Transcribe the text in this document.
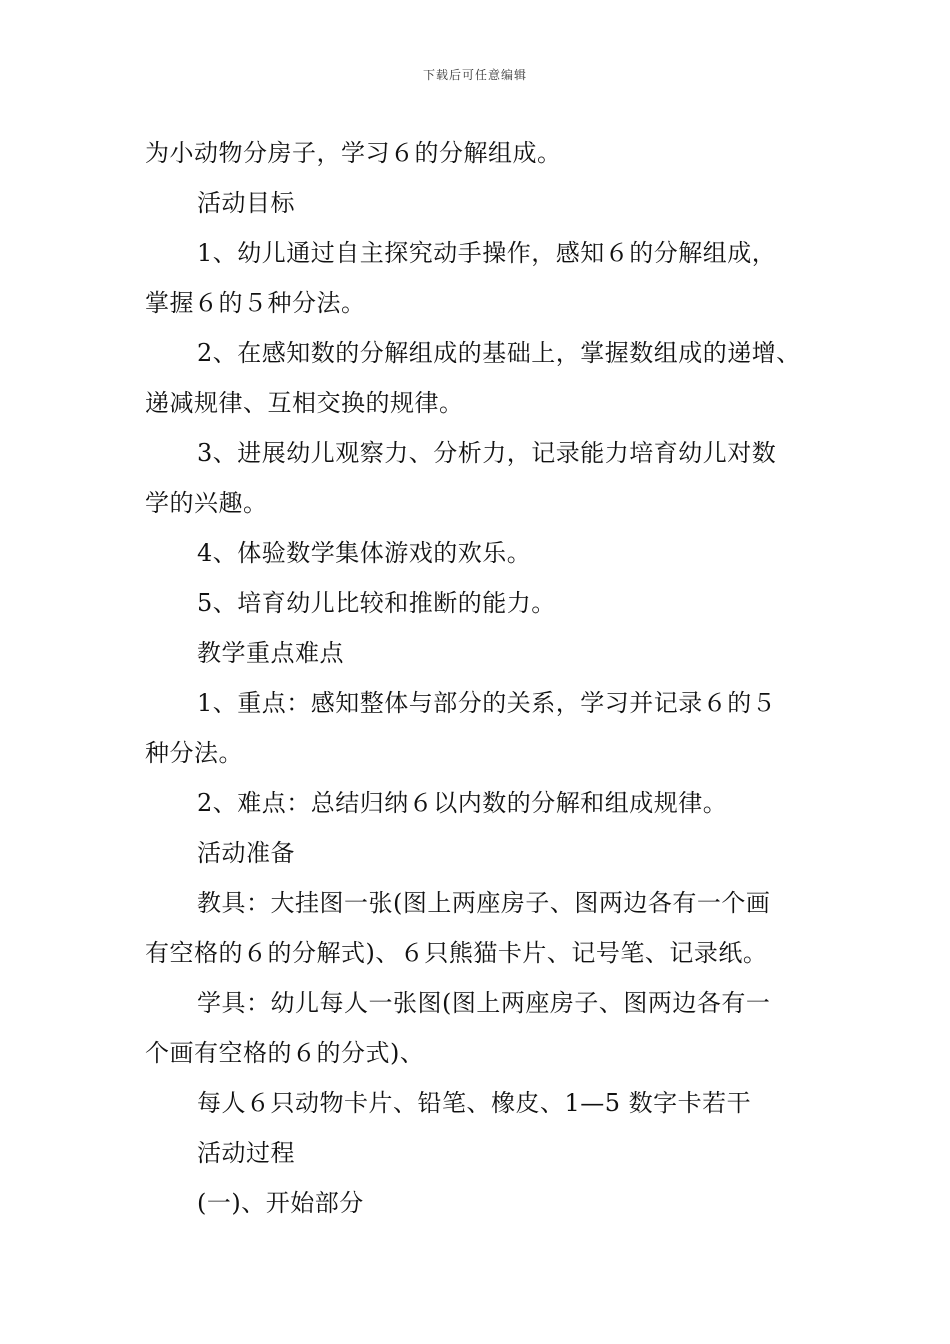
下载后可任意编辑
为小动物分房子，学习６的分解组成。
活动目标
1、幼儿通过自主探究动手操作，感知６的分解组成，
掌握６的５种分法。
2、在感知数的分解组成的基础上，掌握数组成的递增、
递减规律、互相交换的规律。
3、进展幼儿观察力、分析力，记录能力培育幼儿对数
学的兴趣。
4、体验数学集体游戏的欢乐。
5、培育幼儿比较和推断的能力。
教学重点难点
1、重点：感知整体与部分的关系，学习并记录６的５
种分法。
2、难点：总结归纳６以内数的分解和组成规律。
活动准备
教具：大挂图一张(图上两座房子、图两边各有一个画
有空格的６的分解式)、６只熊猫卡片、记号笔、记录纸。
学具：幼儿每人一张图(图上两座房子、图两边各有一
个画有空格的６的分式)、
每人６只动物卡片、铅笔、橡皮、1—5 数字卡若干
活动过程
(一)、开始部分
